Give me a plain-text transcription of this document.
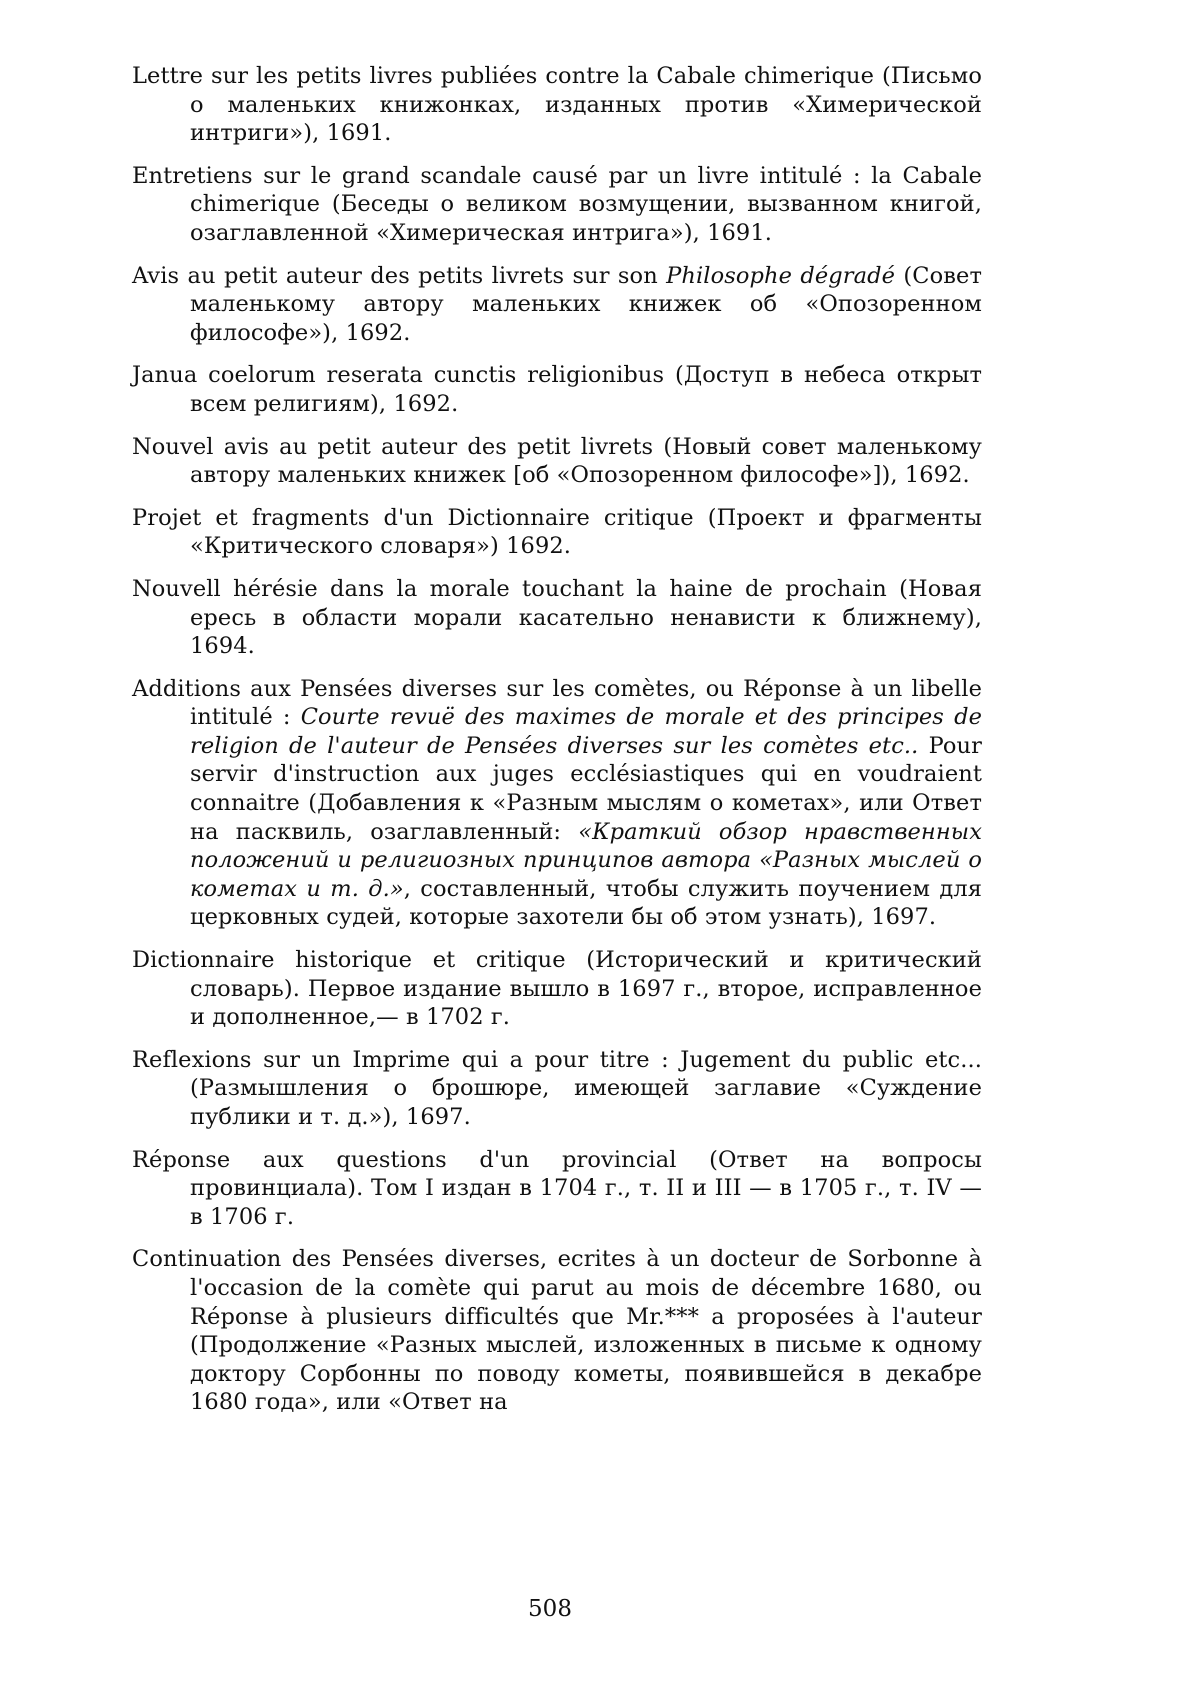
Lettre sur les petits livres publiées contre la Cabale chimerique (Письмо о маленьких книжонках, изданных против «Химерической интриги»), 1691.

Entretiens sur le grand scandale causé par un livre intitulé : la Cabale chimerique (Беседы о великом возмущении, вызванном книгой, озаглавленной «Химерическая интрига»), 1691.

Avis au petit auteur des petits livrets sur son Philosophe dégradé (Совет маленькому автору маленьких книжек об «Опозоренном философе»), 1692.

Janua coelorum reserata cunctis religionibus (Доступ в небеса открыт всем религиям), 1692.

Nouvel avis au petit auteur des petit livrets (Новый совет маленькому автору маленьких книжек [об «Опозоренном философе»]), 1692.

Projet et fragments d'un Dictionnaire critique (Проект и фрагменты «Критического словаря») 1692.

Nouvell hérésie dans la morale touchant la haine de prochain (Новая ересь в области морали касательно ненависти к ближнему), 1694.

Additions aux Pensées diverses sur les comètes, ou Réponse à un libelle intitulé : Courte revuë des maximes de morale et des principes de religion de l'auteur de Pensées diverses sur les comètes etc.. Pour servir d'instruction aux juges ecclésiastiques qui en voudraient connaitre (Добавления к «Разным мыслям о кометах», или Ответ на пасквиль, озаглавленный: «Краткий обзор нравственных положений и религиозных принципов автора «Разных мыслей о кометах и т. д.», составленный, чтобы служить поучением для церковных судей, которые захотели бы об этом узнать), 1697.

Dictionnaire historique et critique (Исторический и критический словарь). Первое издание вышло в 1697 г., второе, исправленное и дополненное,— в 1702 г.

Reflexions sur un Imprime qui a pour titre : Jugement du public etc... (Размышления о брошюре, имеющей заглавие «Суждение публики и т. д.»), 1697.

Réponse aux questions d'un provincial (Ответ на вопросы провинциала). Том I издан в 1704 г., т. II и III — в 1705 г., т. IV — в 1706 г.

Continuation des Pensées diverses, ecrites à un docteur de Sorbonne à l'occasion de la comète qui parut au mois de décembre 1680, ou Réponse à plusieurs difficultés que Mr.*** a proposées à l'auteur (Продолжение «Разных мыслей, изложенных в письме к одному доктору Сорбонны по поводу кометы, появившейся в декабре 1680 года», или «Ответ на

508
